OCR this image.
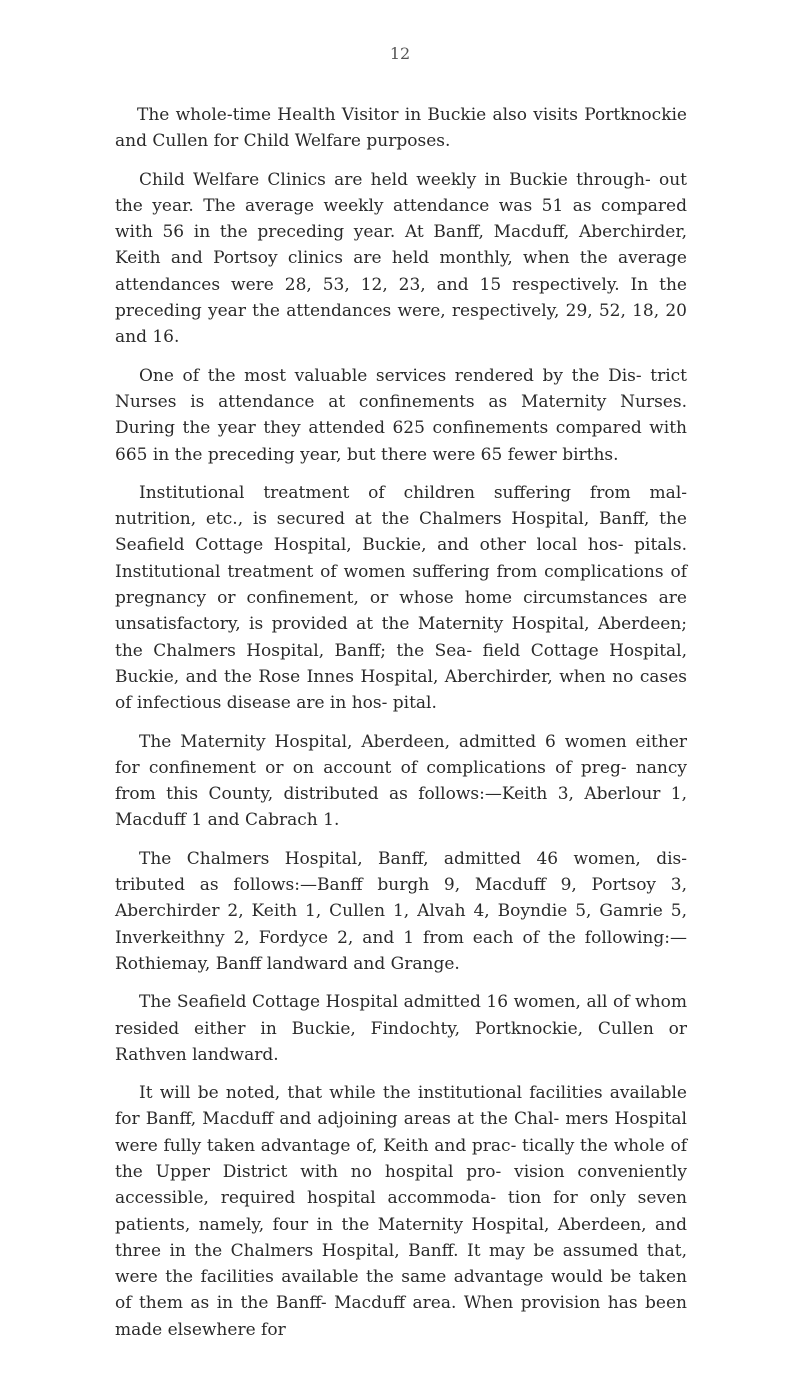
12

The whole-time Health Visitor in Buckie also visits Portknockie and Cullen for Child Welfare purposes.

Child Welfare Clinics are held weekly in Buckie through- out the year. The average weekly attendance was 51 as compared with 56 in the preceding year. At Banff, Macduff, Aberchirder, Keith and Portsoy clinics are held monthly, when the average attendances were 28, 53, 12, 23, and 15 respectively. In the preceding year the attendances were, respectively, 29, 52, 18, 20 and 16.

One of the most valuable services rendered by the Dis- trict Nurses is attendance at confinements as Maternity Nurses. During the year they attended 625 confinements compared with 665 in the preceding year, but there were 65 fewer births.

Institutional treatment of children suffering from mal- nutrition, etc., is secured at the Chalmers Hospital, Banff, the Seafield Cottage Hospital, Buckie, and other local hos- pitals. Institutional treatment of women suffering from complications of pregnancy or confinement, or whose home circumstances are unsatisfactory, is provided at the Maternity Hospital, Aberdeen; the Chalmers Hospital, Banff; the Sea- field Cottage Hospital, Buckie, and the Rose Innes Hospital, Aberchirder, when no cases of infectious disease are in hos- pital.

The Maternity Hospital, Aberdeen, admitted 6 women either for confinement or on account of complications of preg- nancy from this County, distributed as follows:—Keith 3, Aberlour 1, Macduff 1 and Cabrach 1.

The Chalmers Hospital, Banff, admitted 46 women, dis- tributed as follows:—Banff burgh 9, Macduff 9, Portsoy 3, Aberchirder 2, Keith 1, Cullen 1, Alvah 4, Boyndie 5, Gamrie 5, Inverkeithny 2, Fordyce 2, and 1 from each of the following:—Rothiemay, Banff landward and Grange.

The Seafield Cottage Hospital admitted 16 women, all of whom resided either in Buckie, Findochty, Portknockie, Cullen or Rathven landward.

It will be noted, that while the institutional facilities available for Banff, Macduff and adjoining areas at the Chal- mers Hospital were fully taken advantage of, Keith and prac- tically the whole of the Upper District with no hospital pro- vision conveniently accessible, required hospital accommoda- tion for only seven patients, namely, four in the Maternity Hospital, Aberdeen, and three in the Chalmers Hospital, Banff. It may be assumed that, were the facilities available the same advantage would be taken of them as in the Banff- Macduff area. When provision has been made elsewhere for
